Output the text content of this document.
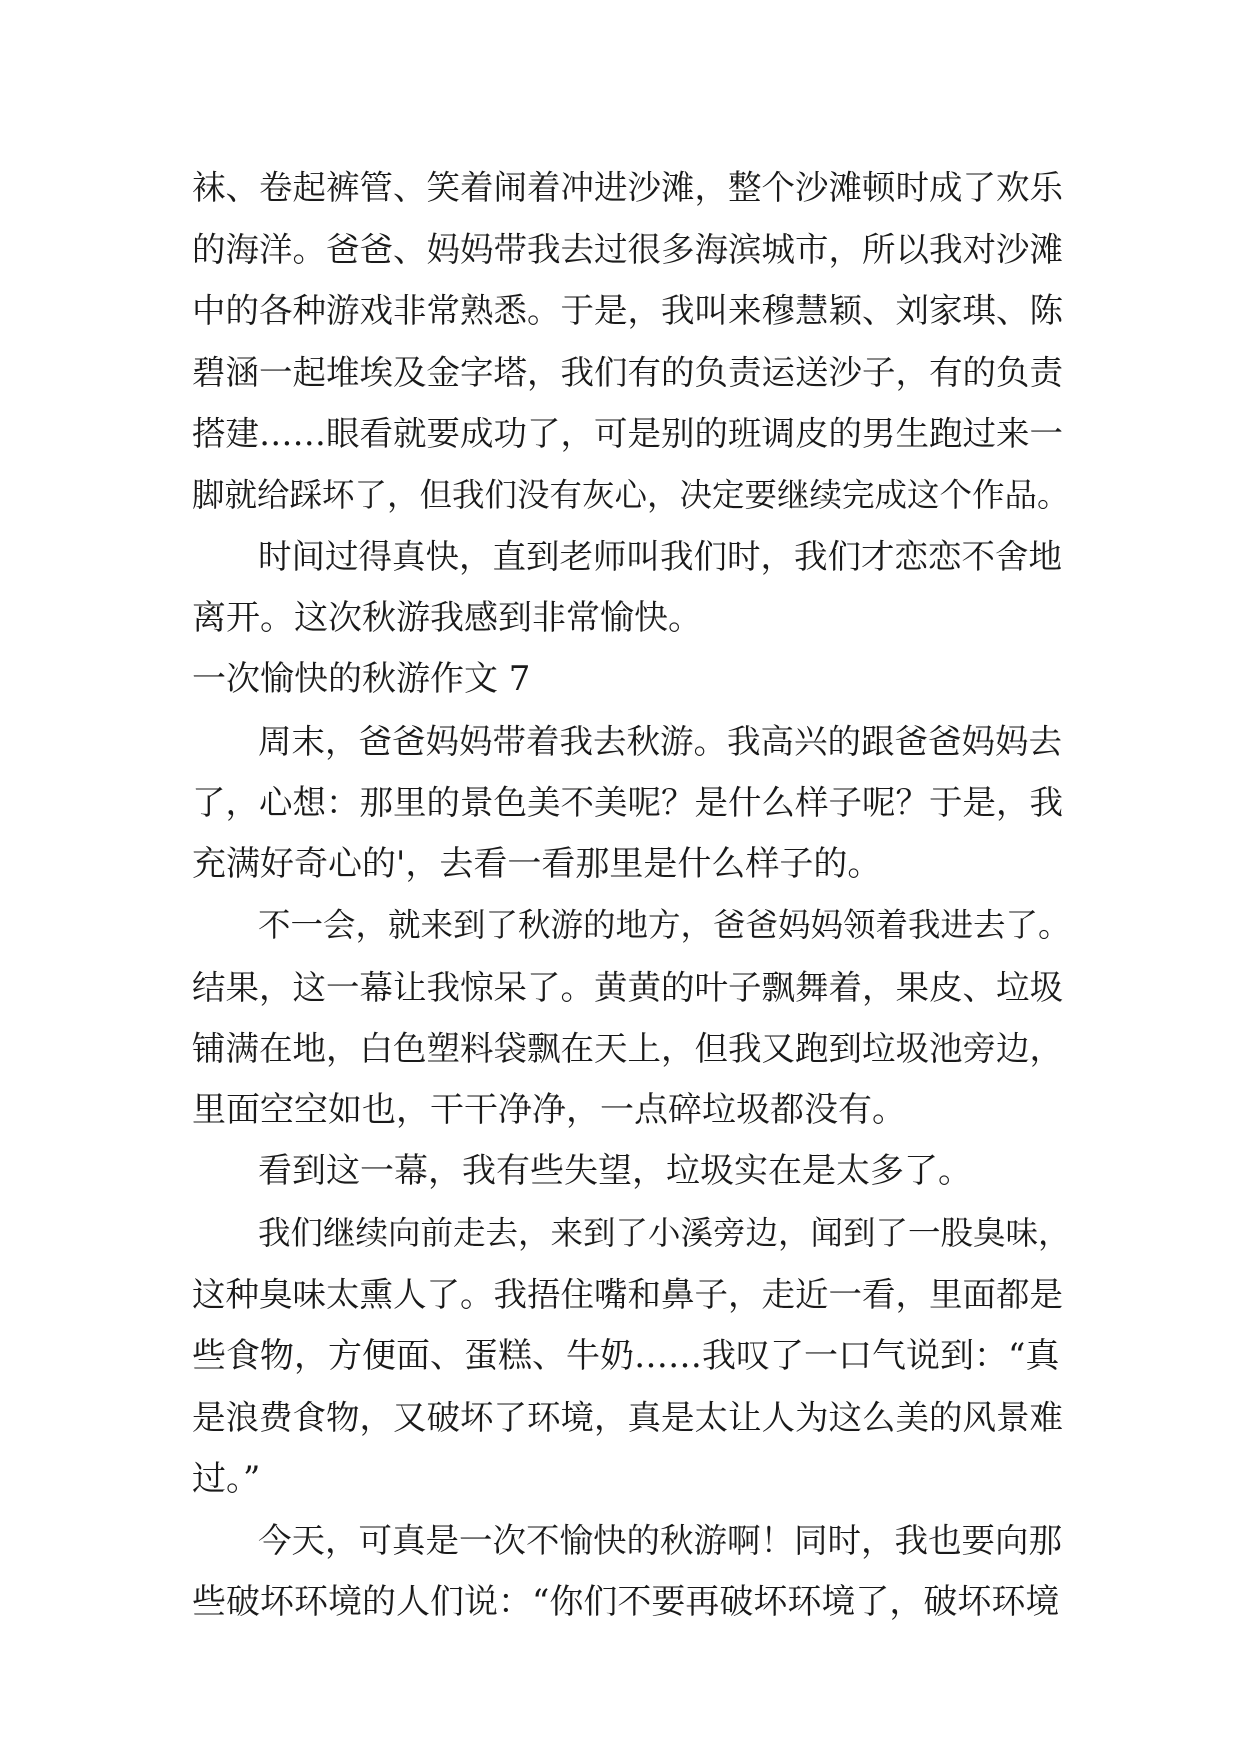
袜、卷起裤管、笑着闹着冲进沙滩，整个沙滩顿时成了欢乐
的海洋。爸爸、妈妈带我去过很多海滨城市，所以我对沙滩
中的各种游戏非常熟悉。于是，我叫来穆慧颖、刘家琪、陈
碧涵一起堆埃及金字塔，我们有的负责运送沙子，有的负责
搭建……眼看就要成功了，可是别的班调皮的男生跑过来一
脚就给踩坏了，但我们没有灰心，决定要继续完成这个作品。
时间过得真快，直到老师叫我们时，我们才恋恋不舍地
离开。这次秋游我感到非常愉快。
一次愉快的秋游作文 7
周末，爸爸妈妈带着我去秋游。我高兴的跟爸爸妈妈去
了，心想：那里的景色美不美呢？是什么样子呢？于是，我
充满好奇心的'，去看一看那里是什么样子的。
不一会，就来到了秋游的地方，爸爸妈妈领着我进去了。
结果，这一幕让我惊呆了。黄黄的叶子飘舞着，果皮、垃圾
铺满在地，白色塑料袋飘在天上，但我又跑到垃圾池旁边，
里面空空如也，干干净净，一点碎垃圾都没有。
看到这一幕，我有些失望，垃圾实在是太多了。
我们继续向前走去，来到了小溪旁边，闻到了一股臭味，
这种臭味太熏人了。我捂住嘴和鼻子，走近一看，里面都是
些食物，方便面、蛋糕、牛奶……我叹了一口气说到：“真
是浪费食物，又破坏了环境，真是太让人为这么美的风景难
过。”
今天，可真是一次不愉快的秋游啊！同时，我也要向那
些破坏环境的人们说：“你们不要再破坏环境了，破坏环境
